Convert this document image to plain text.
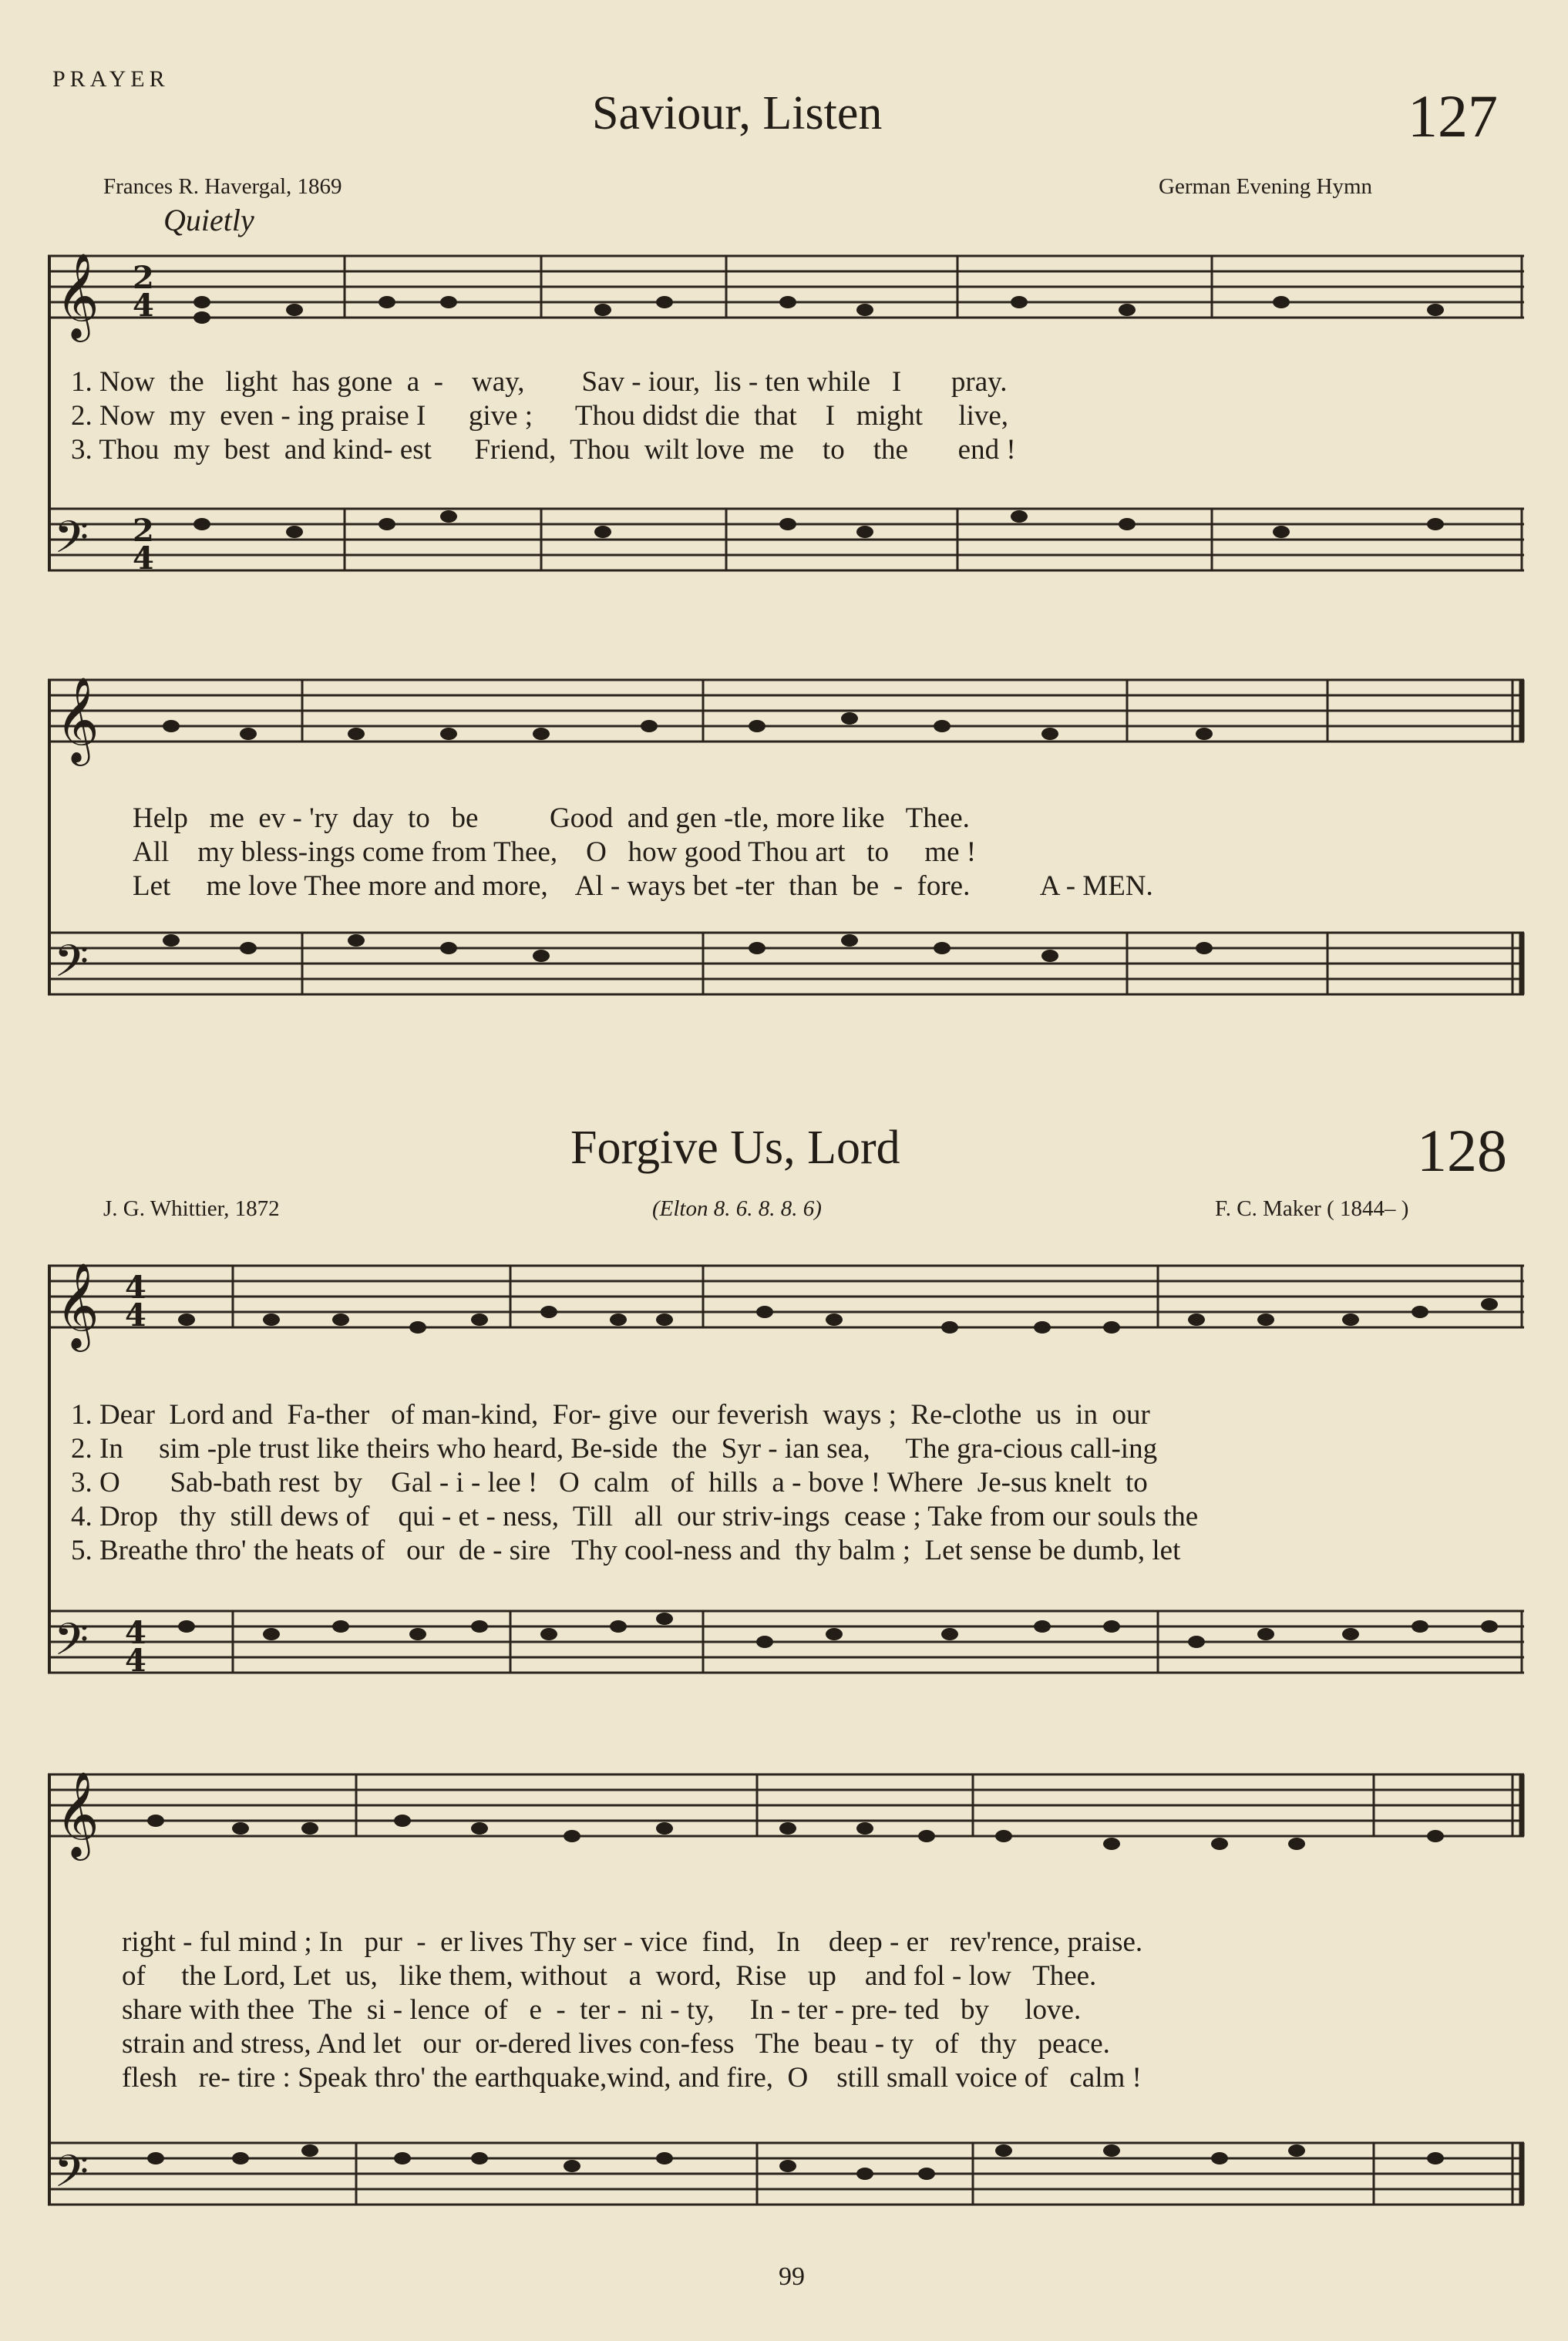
PRAYER
Saviour, Listen	127
Frances R. Havergal, 1869	German Evening Hymn
Quietly
𝄞
𝄢
2
4
2
4
1. Now  the   light  has gone  a  -    way,        Sav - iour,  lis - ten while   I       pray.
2. Now  my  even - ing praise I      give ;      Thou didst die  that    I   might     live,
3. Thou  my  best  and kind- est      Friend,  Thou  wilt love  me    to    the       end !
𝄞
𝄢
Help   me  ev - 'ry  day  to   be          Good  and gen -tle, more like   Thee.
All    my bless-ings come from Thee,    O   how good Thou art   to     me !
Let     me love Thee more and more,    Al - ways bet -ter  than  be  -  fore.          A - MEN.
Forgive Us, Lord	128
J. G. Whittier, 1872	(Elton 8. 6. 8. 8. 6)	F. C. Maker ( 1844– )
𝄞
𝄢
4
4
4
4
1. Dear  Lord and  Fa-ther   of man-kind,  For- give  our feverish  ways ;  Re-clothe  us  in  our
2. In     sim -ple trust like theirs who heard, Be-side  the  Syr - ian sea,     The gra-cious call-ing
3. O       Sab-bath rest  by    Gal - i - lee !   O  calm   of  hills  a - bove ! Where  Je-sus knelt  to
4. Drop   thy  still dews of    qui - et - ness,  Till   all  our striv-ings  cease ; Take from our souls the
5. Breathe thro' the heats of   our  de - sire   Thy cool-ness and  thy balm ;  Let sense be dumb, let
𝄞
𝄢
right - ful mind ; In   pur  -  er lives Thy ser - vice  find,   In    deep - er   rev'rence, praise.
of     the Lord, Let  us,   like them, without   a  word,  Rise   up    and fol - low   Thee.
share with thee  The  si - lence  of   e  -  ter -  ni - ty,     In - ter - pre- ted   by     love.
strain and stress, And let   our  or-dered lives con-fess   The  beau - ty   of   thy   peace.
flesh   re- tire : Speak thro' the earthquake,wind, and fire,  O    still small voice of   calm !
99
